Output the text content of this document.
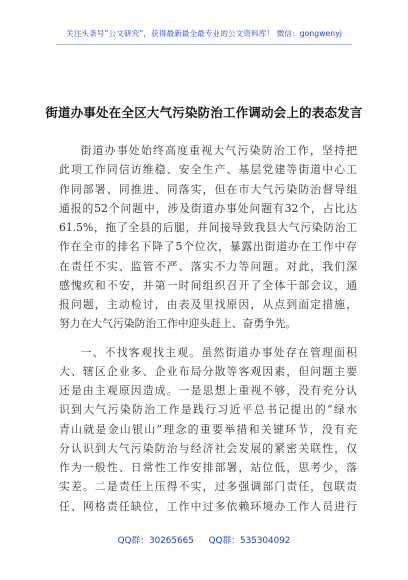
关注头条号“公文研究”，获得最新最全最专业的公文资料库！ 微信：gongwenyj
街道办事处在全区大气污染防治工作调动会上的表态发言
街道办事处始终高度重视大气污染防治工作，坚持把
此项工作同信访维稳、安全生产、基层党建等街道中心工
作同部署、同推进、同落实，但在市大气污染防治督导组
通报的52个问题中，涉及街道办事处问题有32个，占比达
61.5%，拖了全县的后腿，并间接导致我县大气污染防治工
作在全市的排名下降了5个位次，暴露出街道办在工作中存
在责任不实、监管不严、落实不力等问题。对此，我们深
感愧疚和不安，并第一时间组织召开了全体干部会议，通
报问题，主动检讨，由表及里找原因，从点到面定措施，
努力在大气污染防治工作中迎头赶上、奋勇争先。
一、不找客观找主观。虽然街道办事处存在管理面积
大、辖区企业多、企业布局分散等客观因素，但问题主要
还是由主观原因造成。一是思想上重视不够，没有充分认
识到大气污染防治工作是践行习近平总书记提出的“绿水
青山就是金山银山”理念的重要举措和关键环节，没有充
分认识到大气污染防治与经济社会发展的紧密关联性，仅
作为一般性、日常性工作安排部署，站位低，思考少，落
实差。二是责任上压得不实，过多强调部门责任，包联责
任、网格责任缺位，工作中过多依赖环境办工作人员进行
QQ群：30265665 QQ群：535304092
